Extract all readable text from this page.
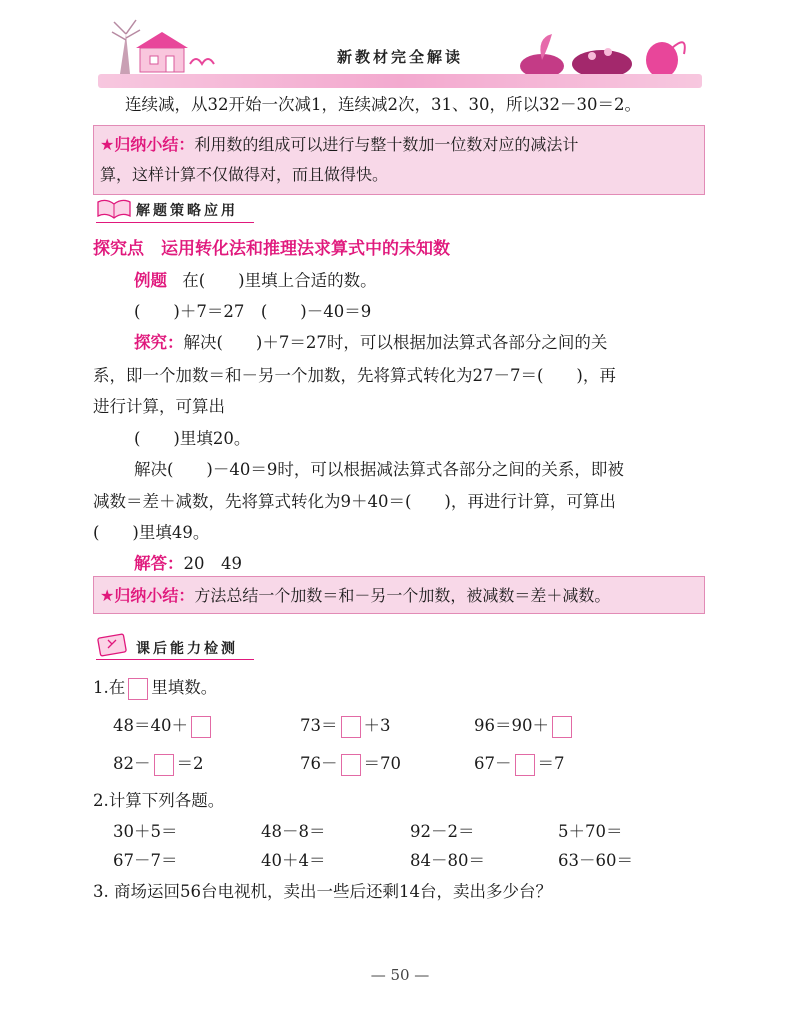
新教材完全解读
连续减，从32开始一次减1，连续减2次，31、30，所以32－30＝2。
★归纳小结：利用数的组成可以进行与整十数加一位数对应的减法计
算，这样计算不仅做得对，而且做得快。
解题策略应用
探究点　运用转化法和推理法求算式中的未知数
例题 在(　　)里填上合适的数。
(　　)＋7＝27　(　　)－40＝9
探究：解决(　　)＋7＝27时，可以根据加法算式各部分之间的关
系，即一个加数＝和－另一个加数，先将算式转化为27－7＝(　　)，再
进行计算，可算出
(　　)里填20。
解决(　　)－40＝9时，可以根据减法算式各部分之间的关系，即被
减数＝差＋减数，先将算式转化为9＋40＝(　　)，再进行计算，可算出
(　　)里填49。
解答：20　49
★归纳小结：方法总结一个加数＝和－另一个加数，被减数＝差＋减数。
课后能力检测
1.在 里填数。
48＝40＋	73＝ ＋3	96＝90＋
82－ ＝2	76－ ＝70	67－ ＝7
2.计算下列各题。
30＋5＝	48－8＝	92－2＝	5＋70＝
67－7＝	40＋4＝	84－80＝	63－60＝
3. 商场运回56台电视机，卖出一些后还剩14台，卖出多少台？
— 50 —
